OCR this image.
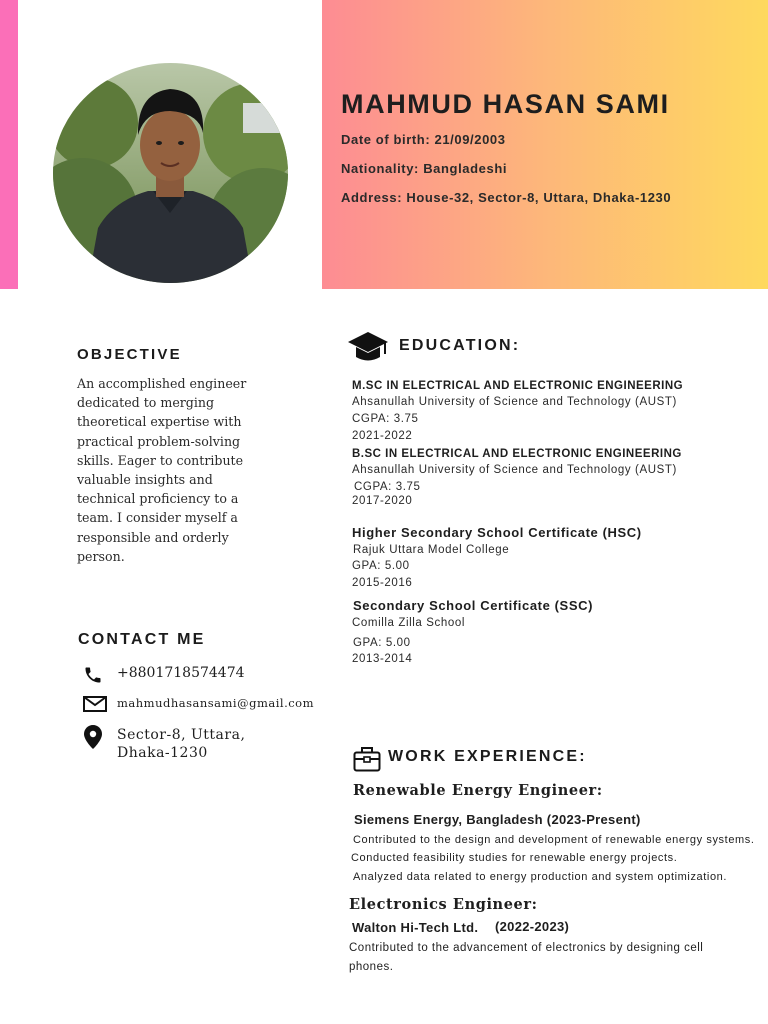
MAHMUD HASAN SAMI
Date of birth: 21/09/2003
Nationality: Bangladeshi
Address: House-32, Sector-8, Uttara, Dhaka-1230
OBJECTIVE
An accomplished engineer dedicated to merging theoretical expertise with practical problem-solving skills. Eager to contribute valuable insights and technical proficiency to a team. I consider myself a responsible and orderly person.
CONTACT ME
+8801718574474
mahmudhasansami@gmail.com
Sector-8, Uttara,
Dhaka-1230
EDUCATION:
M.SC IN ELECTRICAL AND ELECTRONIC ENGINEERING
Ahsanullah University of Science and Technology (AUST)
CGPA: 3.75
2021-2022
B.SC IN ELECTRICAL AND ELECTRONIC ENGINEERING
Ahsanullah University of Science and Technology (AUST)
CGPA: 3.75
2017-2020
Higher Secondary School Certificate (HSC)
Rajuk Uttara Model College
GPA: 5.00
2015-2016
Secondary School Certificate (SSC)
Comilla Zilla School
GPA: 5.00
2013-2014
WORK EXPERIENCE:
Renewable Energy Engineer:
Siemens Energy, Bangladesh (2023-Present)
Contributed to the design and development of renewable energy systems.
Conducted feasibility studies for renewable energy projects.
Analyzed data related to energy production and system optimization.
Electronics Engineer:
Walton Hi-Tech Ltd. (2022-2023)
Contributed to the advancement of electronics by designing cell phones.
